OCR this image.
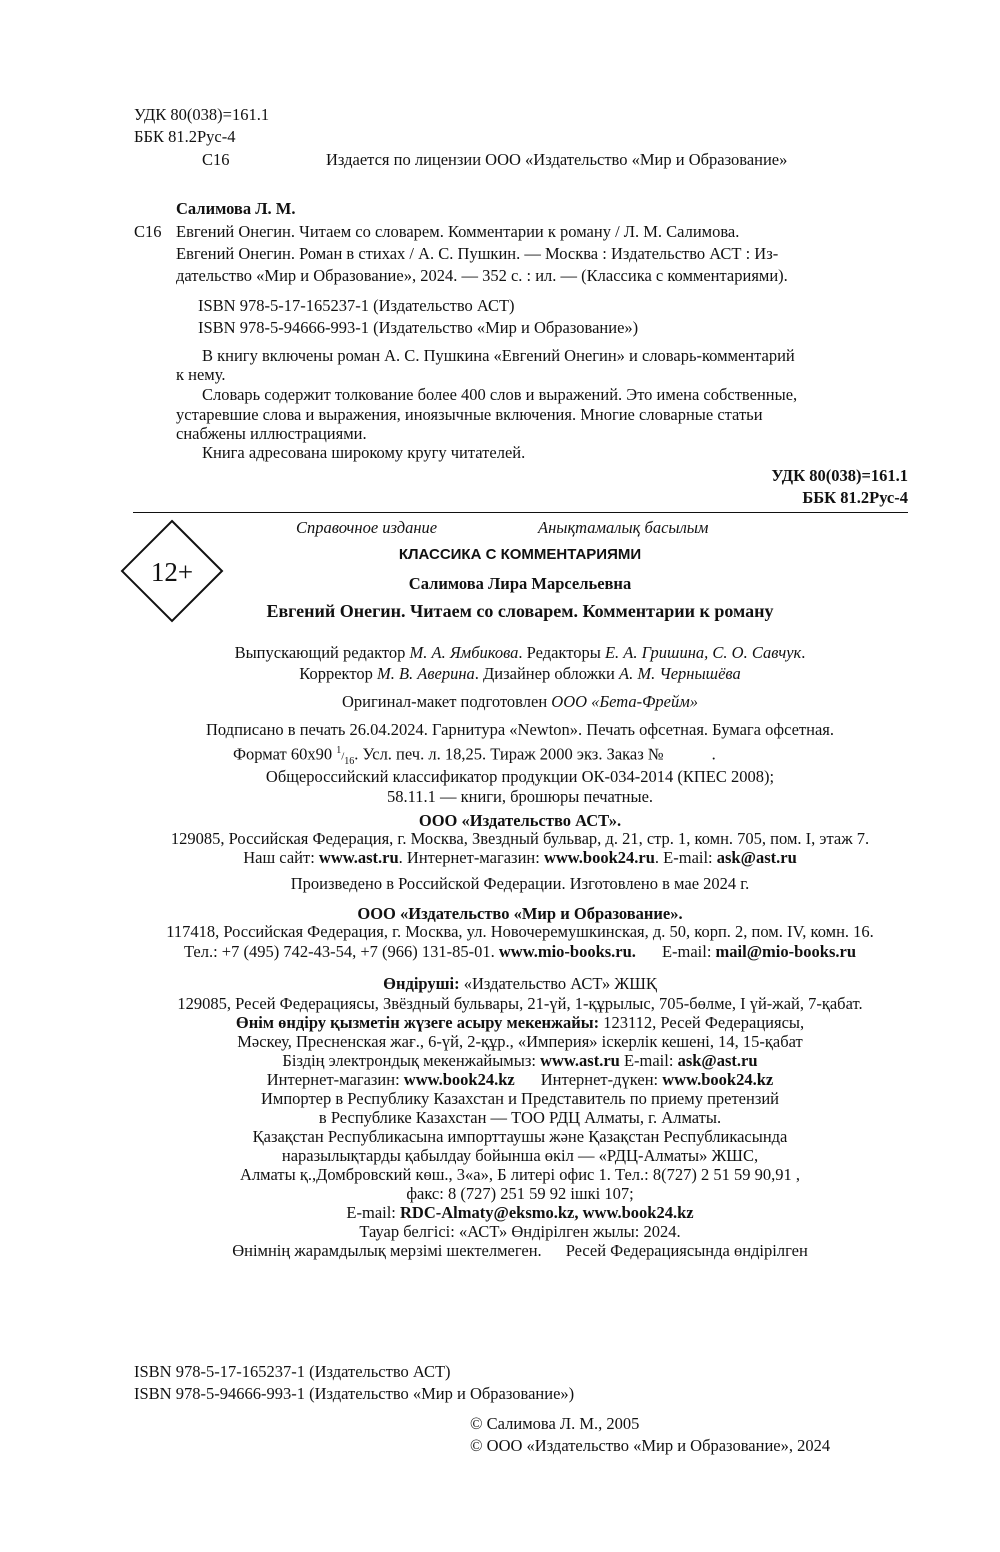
УДК 80(038)=161.1
ББК 81.2Рус-4
С16	Издается по лицензии ООО «Издательство «Мир и Образование»
Салимова Л. М.
С16 Евгений Онегин. Читаем со словарем. Комментарии к роману / Л. М. Салимова.
Евгений Онегин. Роман в стихах / А. С. Пушкин. — Москва : Издательство АСТ : Из-
дательство «Мир и Образование», 2024. — 352 с. : ил. — (Классика с комментариями).
ISBN 978-5-17-165237-1 (Издательство АСТ)
ISBN 978-5-94666-993-1 (Издательство «Мир и Образование»)
В книгу включены роман А. С. Пушкина «Евгений Онегин» и словарь-комментарий
к нему.
Словарь содержит толкование более 400 слов и выражений. Это имена собственные,
устаревшие слова и выражения, иноязычные включения. Многие словарные статьи
снабжены иллюстрациями.
Книга адресована широкому кругу читателей.
УДК 80(038)=161.1
ББК 81.2Рус-4
12+
Справочное издание	Анықтамалық басылым
КЛАССИКА С КОММЕНТАРИЯМИ
Салимова Лира Марсельевна
Евгений Онегин. Читаем со словарем. Комментарии к роману
Выпускающий редактор М. А. Ямбикова. Редакторы Е. А. Гришина, С. О. Савчук.
Корректор М. В. Аверина. Дизайнер обложки А. М. Чернышёва
Оригинал-макет подготовлен ООО «Бета-Фрейм»
Подписано в печать 26.04.2024. Гарнитура «Newton». Печать офсетная. Бумага офсетная.
Формат 60x90 $^1/_{16}$. Усл. печ. л. 18,25. Тираж 2000 экз. Заказ №	.
Общероссийский классификатор продукции ОК-034-2014 (КПЕС 2008);
58.11.1 — книги, брошюры печатные.
ООО «Издательство АСТ».
129085, Российская Федерация, г. Москва, Звездный бульвар, д. 21, стр. 1, комн. 705, пом. I, этаж 7.
Наш сайт: www.ast.ru. Интернет-магазин: www.book24.ru. E-mail: ask@ast.ru
Произведено в Российской Федерации. Изготовлено в мае 2024 г.
ООО «Издательство «Мир и Образование».
117418, Российская Федерация, г. Москва, ул. Новочеремушкинская, д. 50, корп. 2, пом. IV, комн. 16.
Тел.: +7 (495) 742-43-54, +7 (966) 131-85-01. www.mio-books.ru. E-mail: mail@mio-books.ru
Өндіруші: «Издательство АСТ» ЖШҚ
129085, Ресей Федерациясы, Звёздный бульвары, 21-үй, 1-құрылыс, 705-бөлме, I үй-жай, 7-қабат.
Өнім өндіру қызметін жүзеге асыру мекенжайы: 123112, Ресей Федерациясы,
Мәскеу, Пресненская жағ., 6-үй, 2-құр., «Империя» іскерлік кешені, 14, 15-қабат
Біздің электрондық мекенжайымыз: www.ast.ru E-mail: ask@ast.ru
Интернет-магазин: www.book24.kz Интернет-дүкен: www.book24.kz
Импортер в Республику Казахстан и Представитель по приему претензий
в Республике Казахстан — ТОО РДЦ Алматы, г. Алматы.
Қазақстан Республикасына импорттаушы және Қазақстан Республикасында
наразылықтарды қабылдау бойынша өкіл — «РДЦ-Алматы» ЖШС,
Алматы қ.,Домбровский көш., 3«а», Б литері офис 1. Тел.: 8(727) 2 51 59 90,91 ,
факс: 8 (727) 251 59 92 ішкі 107;
E-mail: RDC-Almaty@eksmo.kz, www.book24.kz
Тауар белгісі: «АСТ» Өндірілген жылы: 2024.
Өнімнің жарамдылық мерзімі шектелмеген. Ресей Федерациясында өндірілген
ISBN 978-5-17-165237-1 (Издательство АСТ)
ISBN 978-5-94666-993-1 (Издательство «Мир и Образование»)
© Салимова Л. М., 2005
© ООО «Издательство «Мир и Образование», 2024
